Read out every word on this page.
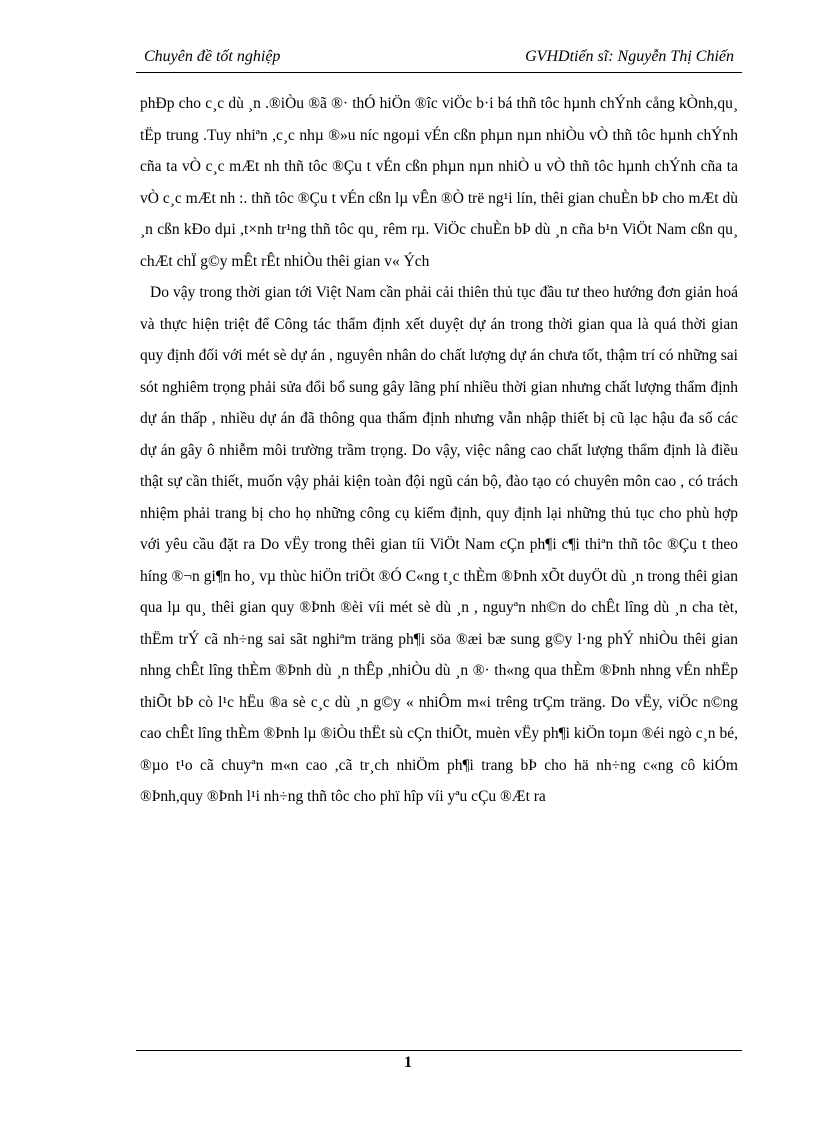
Chuyên đề tốt nghiệp	GVHDtiến sĩ: Nguyễn Thị Chiến

phĐp cho c¸c dù ¸n .®iÒu ®ã ®· thÓ hiÖn ®îc viÖc b·i bá thñ tôc hµnh chÝnh cång kÒnh,qu¸ tËp trung .Tuy nhiªn ,c¸c nhµ ®»u níc ngoµi vÉn cßn phµn nµn nhiÒu vÒ thñ tôc hµnh chÝnh cña ta vÒ c¸c mÆt nh thñ tôc ®Çu t vÉn cßn phµn nµn nhiÒ u vÒ thñ tôc hµnh chÝnh cña ta vÒ c¸c mÆt nh :. thñ tôc ®Çu t vÉn cßn lµ vÊn ®Ò trë ng¹i lín, thêi gian chuÈn bÞ cho mÆt dù ¸n cßn kÐo dµi ,t×nh tr¹ng thñ tôc qu¸ rêm rµ. ViÖc chuÈn bÞ dù ¸n cña b¹n ViÖt Nam cßn qu¸ chÆt chÏ g©y mÊt rÊt nhiÒu thêi gian v« Ých

Do vậy trong thời gian tới Việt Nam cần phải cải thiên thủ tục đầu tư theo hướng đơn giản hoá và thực hiện triệt để Công tác thẩm định xết duyệt dự án trong thời gian qua là quá thời gian quy định đối với mét sè dự án , nguyên nhân do chất lượng dự án chưa tốt, thậm trí có những sai sót nghiêm trọng phải sửa đổi bổ sung gây lãng phí nhiều thời gian nhưng chất lượng thẩm định dự án thấp , nhiều dự án đã thông qua thẩm định nhưng vẫn nhập thiết bị cũ lạc hậu đa số các dự án gây ô nhiễm môi trường trầm trọng. Do vậy, việc nâng cao chất lượng thẩm định là điều thật sự cần thiết, muốn vậy phải kiện toàn đội ngũ cán bộ, đào tạo có chuyên môn cao , có trách nhiệm phải trang bị cho họ những công cụ kiểm định, quy định lại những thủ tục cho phù hợp với yêu cầu đặt ra Do vËy trong thêi gian tíi ViÖt Nam cÇn ph¶i c¶i thiªn thñ tôc ®Çu t theo híng ®¬n gi¶n ho¸ vµ thùc hiÖn triÖt ®Ó C«ng t¸c thÈm ®Þnh xÕt duyÖt dù ¸n trong thêi gian qua lµ qu¸ thêi gian quy ®Þnh ®èi víi mét sè dù ¸n , nguyªn nh©n do chÊt lîng dù ¸n cha tèt, thËm trÝ cã nh÷ng sai sãt nghiªm träng ph¶i söa ®æi bæ sung g©y l·ng phÝ nhiÒu thêi gian nhng chÊt lîng thÈm ®Þnh dù ¸n thÊp ,nhiÒu dù ¸n ®· th«ng qua thÈm ®Þnh nhng vÉn nhËp thiÕt bÞ cò l¹c hËu ®a sè c¸c dù ¸n g©y « nhiÔm m«i trêng trÇm träng. Do vËy, viÖc n©ng cao chÊt lîng thÈm ®Þnh lµ ®iÒu thËt sù cÇn thiÕt, muèn vËy ph¶i kiÖn toµn ®éi ngò c¸n bé, ®µo t¹o cã chuyªn m«n cao ,cã tr¸ch nhiÖm ph¶i trang bÞ cho hä nh÷ng c«ng cô kiÓm ®Þnh,quy ®Þnh l¹i nh÷ng thñ tôc cho phï hîp víi yªu cÇu ®Æt ra

1
